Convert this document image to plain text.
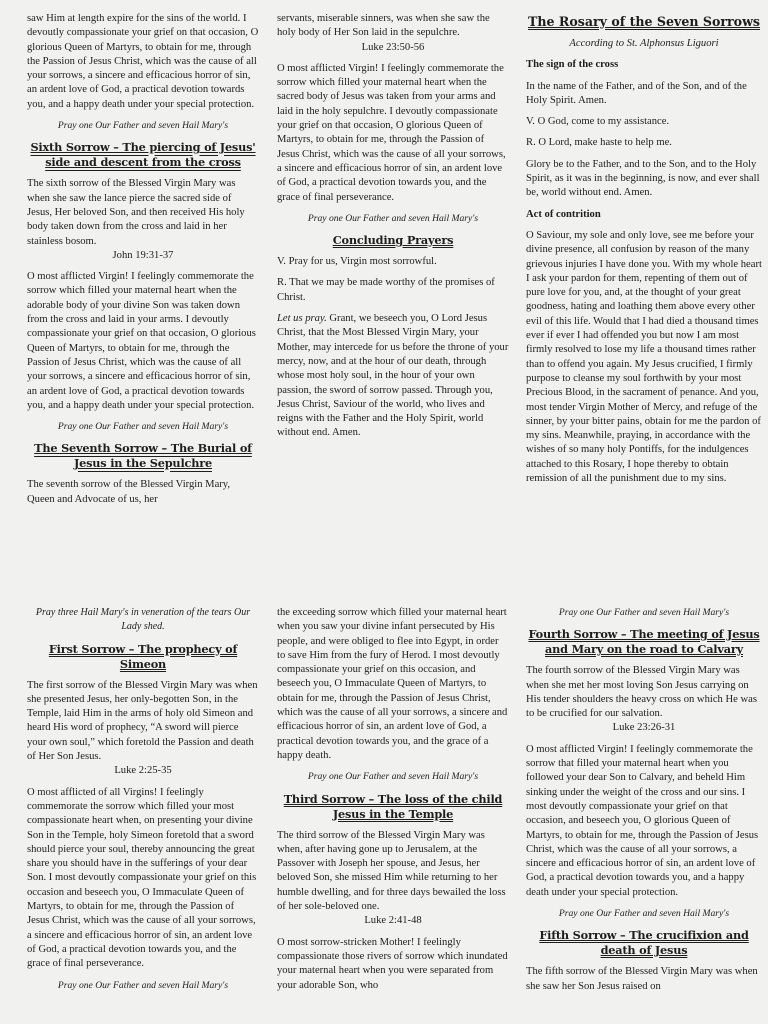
saw Him at length expire for the sins of the world. I devoutly compassionate your grief on that occasion, O glorious Queen of Martyrs, to obtain for me, through the Passion of Jesus Christ, which was the cause of all your sorrows, a sincere and efficacious horror of sin, an ardent love of God, a practical devotion towards you, and a happy death under your special protection.

Pray one Our Father and seven Hail Mary's

Sixth Sorrow – The piercing of Jesus' side and descent from the cross

The sixth sorrow of the Blessed Virgin Mary was when she saw the lance pierce the sacred side of Jesus, Her beloved Son, and then received His holy body taken down from the cross and laid in her stainless bosom.

John 19:31-37

O most afflicted Virgin! I feelingly commemorate the sorrow which filled your maternal heart when the adorable body of your divine Son was taken down from the cross and laid in your arms. I devoutly compassionate your grief on that occasion, O glorious Queen of Martyrs, to obtain for me, through the Passion of Jesus Christ, which was the cause of all your sorrows, a sincere and efficacious horror of sin, an ardent love of God, a practical devotion towards you, and a happy death under your special protection.

Pray one Our Father and seven Hail Mary's

The Seventh Sorrow – The Burial of Jesus in the Sepulchre

The seventh sorrow of the Blessed Virgin Mary, Queen and Advocate of us, her

servants, miserable sinners, was when she saw the holy body of Her Son laid in the sepulchre.

Luke 23:50-56

O most afflicted Virgin! I feelingly commemorate the sorrow which filled your maternal heart when the sacred body of Jesus was taken from your arms and laid in the holy sepulchre. I devoutly compassionate your grief on that occasion, O glorious Queen of Martyrs, to obtain for me, through the Passion of Jesus Christ, which was the cause of all your sorrows, a sincere and efficacious horror of sin, an ardent love of God, a practical devotion towards you, and the grace of final perseverance.

Pray one Our Father and seven Hail Mary's

Concluding Prayers

V. Pray for us, Virgin most sorrowful.

R. That we may be made worthy of the promises of Christ.

Let us pray. Grant, we beseech you, O Lord Jesus Christ, that the Most Blessed Virgin Mary, your Mother, may intercede for us before the throne of your mercy, now, and at the hour of our death, through whose most holy soul, in the hour of your own passion, the sword of sorrow passed. Through you, Jesus Christ, Saviour of the world, who lives and reigns with the Father and the Holy Spirit, world without end. Amen.

The Rosary of the Seven Sorrows

According to St. Alphonsus Liguori

The sign of the cross

In the name of the Father, and of the Son, and of the Holy Spirit. Amen.

V. O God, come to my assistance.

R. O Lord, make haste to help me.

Glory be to the Father, and to the Son, and to the Holy Spirit, as it was in the beginning, is now, and ever shall be, world without end. Amen.

Act of contrition

O Saviour, my sole and only love, see me before your divine presence, all confusion by reason of the many grievous injuries I have done you. With my whole heart I ask your pardon for them, repenting of them out of pure love for you, and, at the thought of your great goodness, hating and loathing them above every other evil of this life. Would that I had died a thousand times ever if ever I had offended you but now I am most firmly resolved to lose my life a thousand times rather than to offend you again. My Jesus crucified, I firmly purpose to cleanse my soul forthwith by your most Precious Blood, in the sacrament of penance. And you, most tender Virgin Mother of Mercy, and refuge of the sinner, by your bitter pains, obtain for me the pardon of my sins. Meanwhile, praying, in accordance with the wishes of so many holy Pontiffs, for the indulgences attached to this Rosary, I hope thereby to obtain remission of all the punishment due to my sins.

Pray three Hail Mary's in veneration of the tears Our Lady shed.

First Sorrow – The prophecy of Simeon

The first sorrow of the Blessed Virgin Mary was when she presented Jesus, her only-begotten Son, in the Temple, laid Him in the arms of holy old Simeon and heard His word of prophecy, “A sword will pierce your own soul,” which foretold the Passion and death of Her Son Jesus.

Luke 2:25-35

O most afflicted of all Virgins! I feelingly commemorate the sorrow which filled your most compassionate heart when, on presenting your divine Son in the Temple, holy Simeon foretold that a sword should pierce your soul, thereby announcing the great share you should have in the sufferings of your dear Son. I most devoutly compassionate your grief on this occasion and beseech you, O Immaculate Queen of Martyrs, to obtain for me, through the Passion of Jesus Christ, which was the cause of all your sorrows, a sincere and efficacious horror of sin, an ardent love of God, a practical devotion towards you, and the grace of final perseverance.

Pray one Our Father and seven Hail Mary's

the exceeding sorrow which filled your maternal heart when you saw your divine infant persecuted by His people, and were obliged to flee into Egypt, in order to save Him from the fury of Herod. I most devoutly compassionate your grief on this occasion, and beseech you, O Immaculate Queen of Martyrs, to obtain for me, through the Passion of Jesus Christ, which was the cause of all your sorrows, a sincere and efficacious horror of sin, an ardent love of God, a practical devotion towards you, and the grace of a happy death.

Pray one Our Father and seven Hail Mary's

Third Sorrow – The loss of the child Jesus in the Temple

The third sorrow of the Blessed Virgin Mary was when, after having gone up to Jerusalem, at the Passover with Joseph her spouse, and Jesus, her beloved Son, she missed Him while returning to her humble dwelling, and for three days bewailed the loss of her sole-beloved one.

Luke 2:41-48

O most sorrow-stricken Mother! I feelingly compassionate those rivers of sorrow which inundated your maternal heart when you were separated from your adorable Son, who

Pray one Our Father and seven Hail Mary's

Fourth Sorrow – The meeting of Jesus and Mary on the road to Calvary

The fourth sorrow of the Blessed Virgin Mary was when she met her most loving Son Jesus carrying on His tender shoulders the heavy cross on which He was to be crucified for our salvation.

Luke 23:26-31

O most afflicted Virgin! I feelingly commemorate the sorrow that filled your maternal heart when you followed your dear Son to Calvary, and beheld Him sinking under the weight of the cross and our sins. I most devoutly compassionate your grief on that occasion, and beseech you, O glorious Queen of Martyrs, to obtain for me, through the Passion of Jesus Christ, which was the cause of all your sorrows, a sincere and efficacious horror of sin, an ardent love of God, a practical devotion towards you, and a happy death under your special protection.

Pray one Our Father and seven Hail Mary's

Fifth Sorrow – The crucifixion and death of Jesus

The fifth sorrow of the Blessed Virgin Mary was when she saw her Son Jesus raised on
